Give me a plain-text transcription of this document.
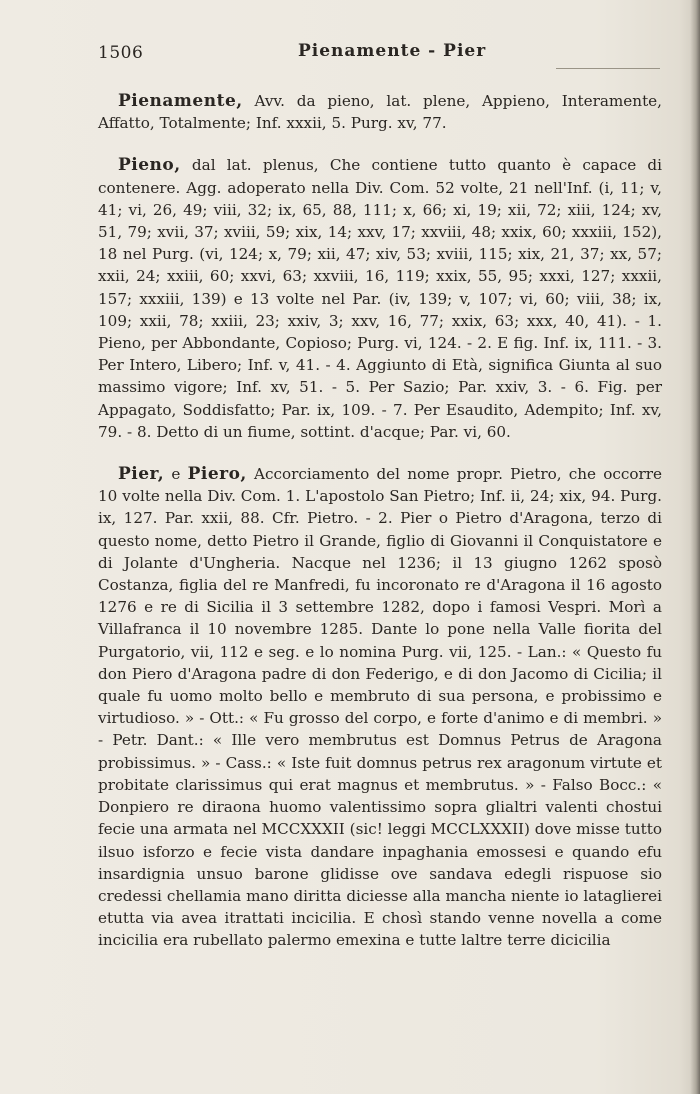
1506	Pienamente - Pier

Pienamente, Avv. da pieno, lat. plene, Appieno, Interamente, Affatto, Totalmente; Inf. xxxii, 5. Purg. xv, 77.

Pieno, dal lat. plenus, Che contiene tutto quanto è capace di contenere. Agg. adoperato nella Div. Com. 52 volte, 21 nell'Inf. (i, 11; v, 41; vi, 26, 49; viii, 32; ix, 65, 88, 111; x, 66; xi, 19; xii, 72; xiii, 124; xv, 51, 79; xvii, 37; xviii, 59; xix, 14; xxv, 17; xxviii, 48; xxix, 60; xxxiii, 152), 18 nel Purg. (vi, 124; x, 79; xii, 47; xiv, 53; xviii, 115; xix, 21, 37; xx, 57; xxii, 24; xxiii, 60; xxvi, 63; xxviii, 16, 119; xxix, 55, 95; xxxi, 127; xxxii, 157; xxxiii, 139) e 13 volte nel Par. (iv, 139; v, 107; vi, 60; viii, 38; ix, 109; xxii, 78; xxiii, 23; xxiv, 3; xxv, 16, 77; xxix, 63; xxx, 40, 41). - 1. Pieno, per Abbondante, Copioso; Purg. vi, 124. - 2. E fig. Inf. ix, 111. - 3. Per Intero, Libero; Inf. v, 41. - 4. Aggiunto di Età, significa Giunta al suo massimo vigore; Inf. xv, 51. - 5. Per Sazio; Par. xxiv, 3. - 6. Fig. per Appagato, Soddisfatto; Par. ix, 109. - 7. Per Esaudito, Adempito; Inf. xv, 79. - 8. Detto di un fiume, sottint. d'acque; Par. vi, 60.

Pier, e Piero, Accorciamento del nome propr. Pietro, che occorre 10 volte nella Div. Com. 1. L'apostolo San Pietro; Inf. ii, 24; xix, 94. Purg. ix, 127. Par. xxii, 88. Cfr. Pietro. - 2. Pier o Pietro d'Aragona, terzo di questo nome, detto Pietro il Grande, figlio di Giovanni il Conquistatore e di Jolante d'Ungheria. Nacque nel 1236; il 13 giugno 1262 sposò Costanza, figlia del re Manfredi, fu incoronato re d'Aragona il 16 agosto 1276 e re di Sicilia il 3 settembre 1282, dopo i famosi Vespri. Morì a Villafranca il 10 novembre 1285. Dante lo pone nella Valle fiorita del Purgatorio, vii, 112 e seg. e lo nomina Purg. vii, 125. - Lan.: « Questo fu don Piero d'Aragona padre di don Federigo, e di don Jacomo di Cicilia; il quale fu uomo molto bello e membruto di sua persona, e probissimo e virtudioso. » - Ott.: « Fu grosso del corpo, e forte d'animo e di membri. » - Petr. Dant.: « Ille vero membrutus est Domnus Petrus de Aragona probissimus. » - Cass.: « Iste fuit domnus petrus rex aragonum virtute et probitate clarissimus qui erat magnus et membrutus. » - Falso Bocc.: « Donpiero re diraona huomo valentissimo sopra glialtri valenti chostui fecie una armata nel MCCXXXII (sic! leggi MCCLXXXII) dove misse tutto ilsuo isforzo e fecie vista dandare inpaghania emossesi e quando efu insardignia unsuo barone glidisse ove sandava edegli rispuose sio credessi chellamia mano diritta diciesse alla mancha niente io lataglierei etutta via avea itrattati incicilia. E chosì stando venne novella a come incicilia era rubellato palermo emexina e tutte laltre terre dicicilia
